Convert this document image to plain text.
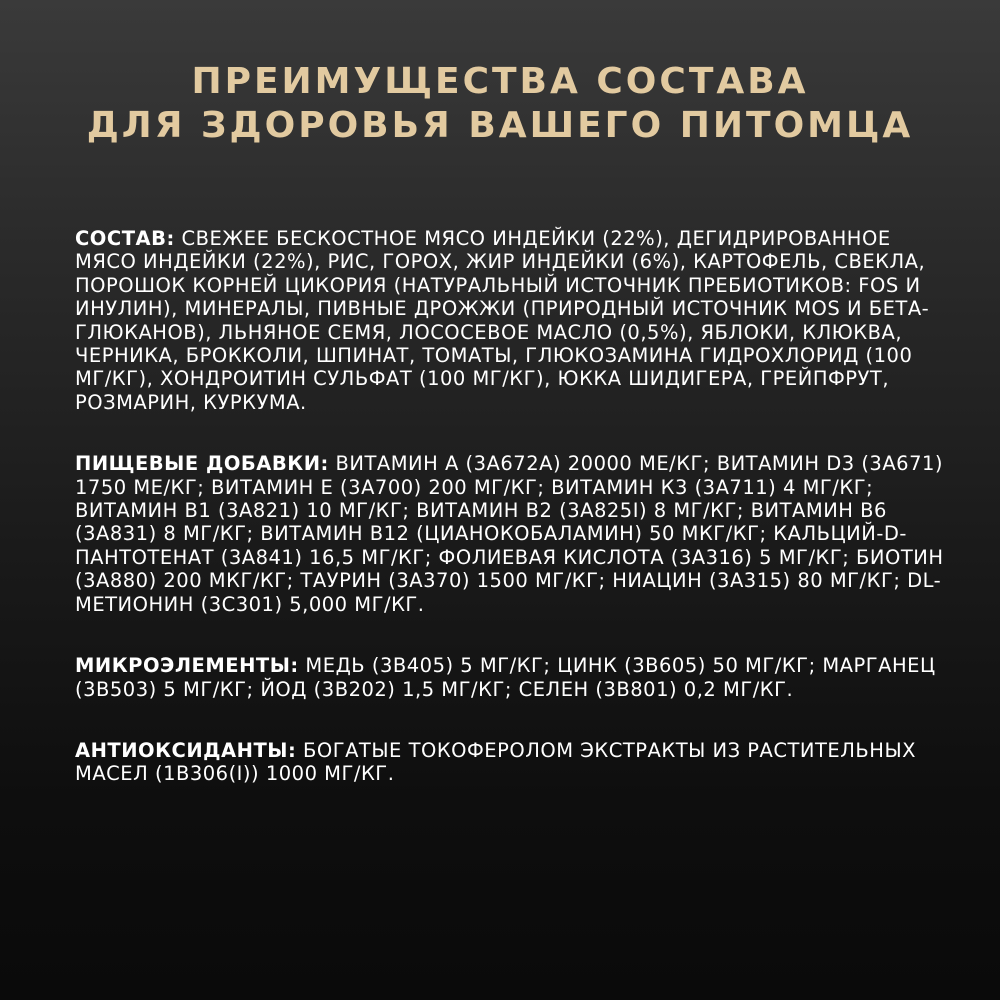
ПРЕИМУЩЕСТВА СОСТАВА
ДЛЯ ЗДОРОВЬЯ ВАШЕГО ПИТОМЦА

СОСТАВ: СВЕЖЕЕ БЕСКОСТНОЕ МЯСО ИНДЕЙКИ (22%), ДЕГИДРИРОВАННОЕ МЯСО ИНДЕЙКИ (22%), РИС, ГОРОХ, ЖИР ИНДЕЙКИ (6%), КАРТОФЕЛЬ, СВЕКЛА, ПОРОШОК КОРНЕЙ ЦИКОРИЯ (НАТУРАЛЬНЫЙ ИСТОЧНИК ПРЕБИОТИКОВ: FOS И ИНУЛИН), МИНЕРАЛЫ, ПИВНЫЕ ДРОЖЖИ (ПРИРОДНЫЙ ИСТОЧНИК MOS И БЕТА-ГЛЮКАНОВ), ЛЬНЯНОЕ СЕМЯ, ЛОСОСЕВОЕ МАСЛО (0,5%), ЯБЛОКИ, КЛЮКВА, ЧЕРНИКА, БРОККОЛИ, ШПИНАТ, ТОМАТЫ, ГЛЮКОЗАМИНА ГИДРОХЛОРИД (100 МГ/КГ), ХОНДРОИТИН СУЛЬФАТ (100 МГ/КГ), ЮККА ШИДИГЕРА, ГРЕЙПФРУТ, РОЗМАРИН, КУРКУМА.

ПИЩЕВЫЕ ДОБАВКИ: ВИТАМИН А (3А672А) 20000 МЕ/КГ; ВИТАМИН D3 (3А671) 1750 МЕ/КГ; ВИТАМИН Е (3А700) 200 МГ/КГ; ВИТАМИН К3 (3А711) 4 МГ/КГ; ВИТАМИН В1 (3А821) 10 МГ/КГ; ВИТАМИН В2 (3А825I) 8 МГ/КГ; ВИТАМИН В6 (3А831) 8 МГ/КГ; ВИТАМИН В12 (ЦИАНОКОБАЛАМИН) 50 МКГ/КГ; КАЛЬЦИЙ-D-ПАНТОТЕНАТ (3А841) 16,5 МГ/КГ; ФОЛИЕВАЯ КИСЛОТА (3А316) 5 МГ/КГ; БИОТИН (3А880) 200 МКГ/КГ; ТАУРИН (3А370) 1500 МГ/КГ; НИАЦИН (3А315) 80 МГ/КГ; DL-МЕТИОНИН (3С301) 5,000 МГ/КГ.

МИКРОЭЛЕМЕНТЫ: МЕДЬ (3В405) 5 МГ/КГ; ЦИНК (3В605) 50 МГ/КГ; МАРГАНЕЦ (3В503) 5 МГ/КГ; ЙОД (3В202) 1,5 МГ/КГ; СЕЛЕН (3В801) 0,2 МГ/КГ.

АНТИОКСИДАНТЫ: БОГАТЫЕ ТОКОФЕРОЛОМ ЭКСТРАКТЫ ИЗ РАСТИТЕЛЬНЫХ МАСЕЛ (1В306(I)) 1000 МГ/КГ.
